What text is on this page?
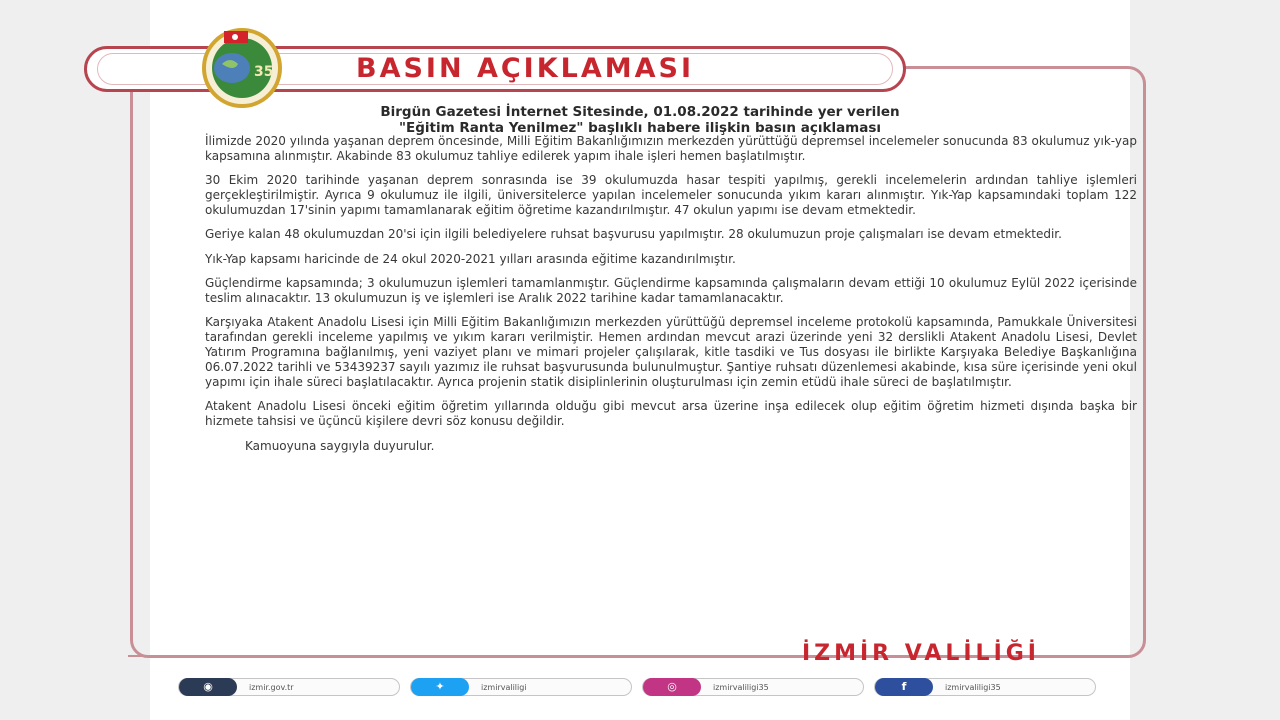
35	BASIN AÇIKLAMASI
Birgün Gazetesi İnternet Sitesinde, 01.08.2022 tarihinde yer verilen
"Eğitim Ranta Yenilmez" başlıklı habere ilişkin basın açıklaması

İlimizde 2020 yılında yaşanan deprem öncesinde, Milli Eğitim Bakanlığımızın merkezden yürüttüğü depremsel incelemeler sonucunda 83 okulumuz yık-yap kapsamına alınmıştır. Akabinde 83 okulumuz tahliye edilerek yapım ihale işleri hemen başlatılmıştır.

30 Ekim 2020 tarihinde yaşanan deprem sonrasında ise 39 okulumuzda hasar tespiti yapılmış, gerekli incelemelerin ardından tahliye işlemleri gerçekleştirilmiştir. Ayrıca 9 okulumuz ile ilgili, üniversitelerce yapılan incelemeler sonucunda yıkım kararı alınmıştır. Yık-Yap kapsamındaki toplam 122 okulumuzdan 17'sinin yapımı tamamlanarak eğitim öğretime kazandırılmıştır. 47 okulun yapımı ise devam etmektedir.

Geriye kalan 48 okulumuzdan 20'si için ilgili belediyelere ruhsat başvurusu yapılmıştır. 28 okulumuzun proje çalışmaları ise devam etmektedir.

Yık-Yap kapsamı haricinde de 24 okul 2020-2021 yılları arasında eğitime kazandırılmıştır.

Güçlendirme kapsamında; 3 okulumuzun işlemleri tamamlanmıştır. Güçlendirme kapsamında çalışmaların devam ettiği 10 okulumuz Eylül 2022 içerisinde teslim alınacaktır. 13 okulumuzun iş ve işlemleri ise Aralık 2022 tarihine kadar tamamlanacaktır.

Karşıyaka Atakent Anadolu Lisesi için Milli Eğitim Bakanlığımızın merkezden yürüttüğü depremsel inceleme protokolü kapsamında, Pamukkale Üniversitesi tarafından gerekli inceleme yapılmış ve yıkım kararı verilmiştir. Hemen ardından mevcut arazi üzerinde yeni 32 derslikli Atakent Anadolu Lisesi, Devlet Yatırım Programına bağlanılmış, yeni vaziyet planı ve mimari projeler çalışılarak, kitle tasdiki ve Tus dosyası ile birlikte Karşıyaka Belediye Başkanlığına 06.07.2022 tarihli ve 53439237 sayılı yazımız ile ruhsat başvurusunda bulunulmuştur. Şantiye ruhsatı düzenlemesi akabinde, kısa süre içerisinde yeni okul yapımı için ihale süreci başlatılacaktır. Ayrıca projenin statik disiplinlerinin oluşturulması için zemin etüdü ihale süreci de başlatılmıştır.

Atakent Anadolu Lisesi önceki eğitim öğretim yıllarında olduğu gibi mevcut arsa üzerine inşa edilecek olup eğitim öğretim hizmeti dışında başka bir hizmete tahsisi ve üçüncü kişilere devri söz konusu değildir.

Kamuoyuna saygıyla duyurulur.

İZMİR VALİLİĞİ
◉	izmir.gov.tr	✦	izmirvaliligi	◎	izmirvaliligi35	f	izmirvaliligi35
